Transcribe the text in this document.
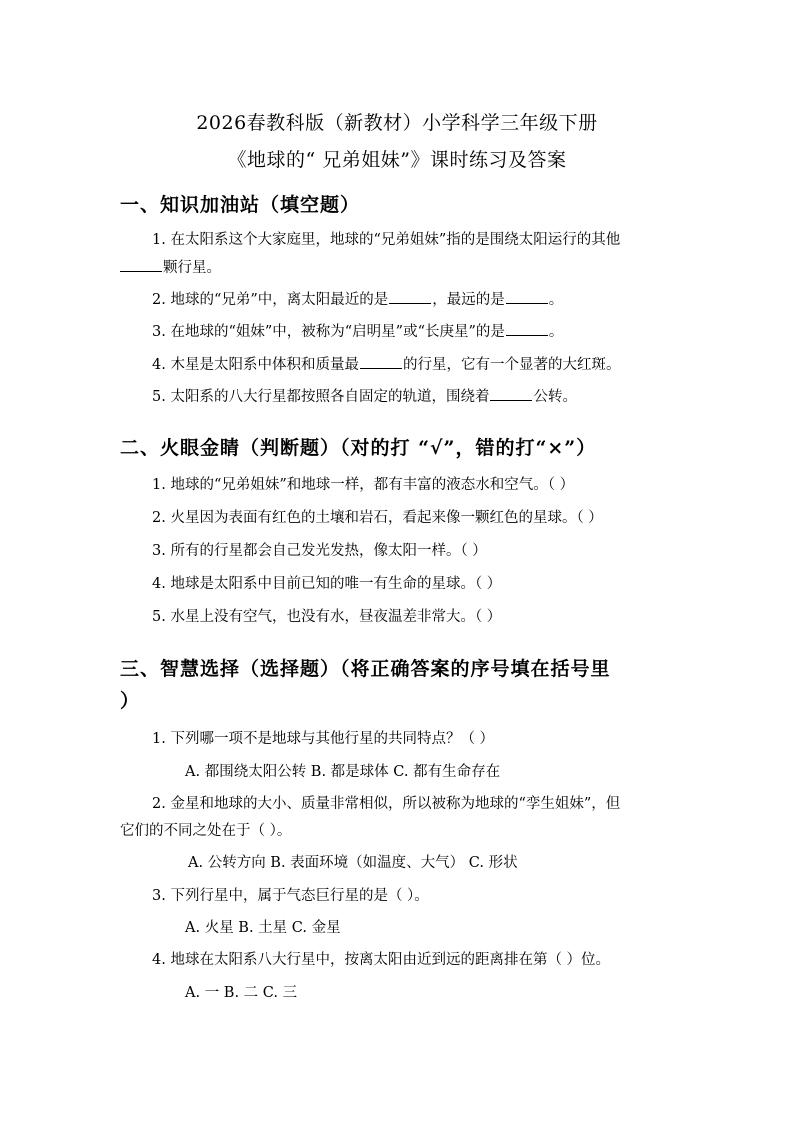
2026春教科版（新教材）小学科学三年级下册
《地球的“ 兄弟姐妹”》课时练习及答案
一、知识加油站（填空题）
1. 在太阳系这个大家庭里，地球的“兄弟姐妹”指的是围绕太阳运行的其他
颗行星。
2. 地球的“兄弟”中，离太阳最近的是	，最远的是	。
3. 在地球的“姐妹”中，被称为“启明星”或“长庚星”的是	。
4. 木星是太阳系中体积和质量最	的行星，它有一个显著的大红斑。
5. 太阳系的八大行星都按照各自固定的轨道，围绕着	公转。
二、火眼金睛（判断题）（对的打 “√”，错的打“×”）
1. 地球的“兄弟姐妹”和地球一样，都有丰富的液态水和空气。（ ）
2. 火星因为表面有红色的土壤和岩石，看起来像一颗红色的星球。（ ）
3. 所有的行星都会自己发光发热，像太阳一样。（ ）
4. 地球是太阳系中目前已知的唯一有生命的星球。（ ）
5. 水星上没有空气，也没有水，昼夜温差非常大。（ ）
三、智慧选择（选择题）（将正确答案的序号填在括号里
）
1. 下列哪一项不是地球与其他行星的共同特点？（ ）
A. 都围绕太阳公转 B. 都是球体 C. 都有生命存在
2. 金星和地球的大小、质量非常相似，所以被称为地球的“孪生姐妹”，但
它们的不同之处在于（ ）。
A. 公转方向 B. 表面环境（如温度、大气） C. 形状
3. 下列行星中，属于气态巨行星的是（ ）。
A. 火星 B. 土星 C. 金星
4. 地球在太阳系八大行星中，按离太阳由近到远的距离排在第（ ）位。
A. 一 B. 二 C. 三
